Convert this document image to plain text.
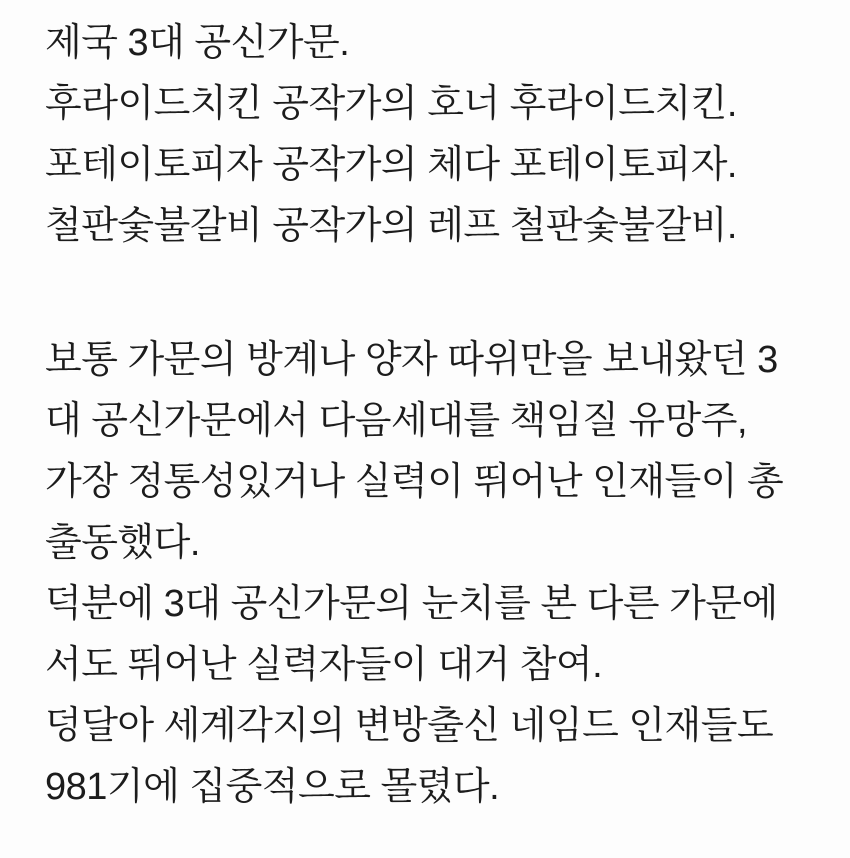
제국 3대 공신가문.
후라이드치킨 공작가의 호너 후라이드치킨.
포테이토피자 공작가의 체다 포테이토피자.
철판숯불갈비 공작가의 레프 철판숯불갈비.
보통 가문의 방계나 양자 따위만을 보내왔던 3
대 공신가문에서 다음세대를 책임질 유망주,
가장 정통성있거나 실력이 뛰어난 인재들이 총
출동했다.
덕분에 3대 공신가문의 눈치를 본 다른 가문에
서도 뛰어난 실력자들이 대거 참여.
덩달아 세계각지의 변방출신 네임드 인재들도
981기에 집중적으로 몰렸다.
